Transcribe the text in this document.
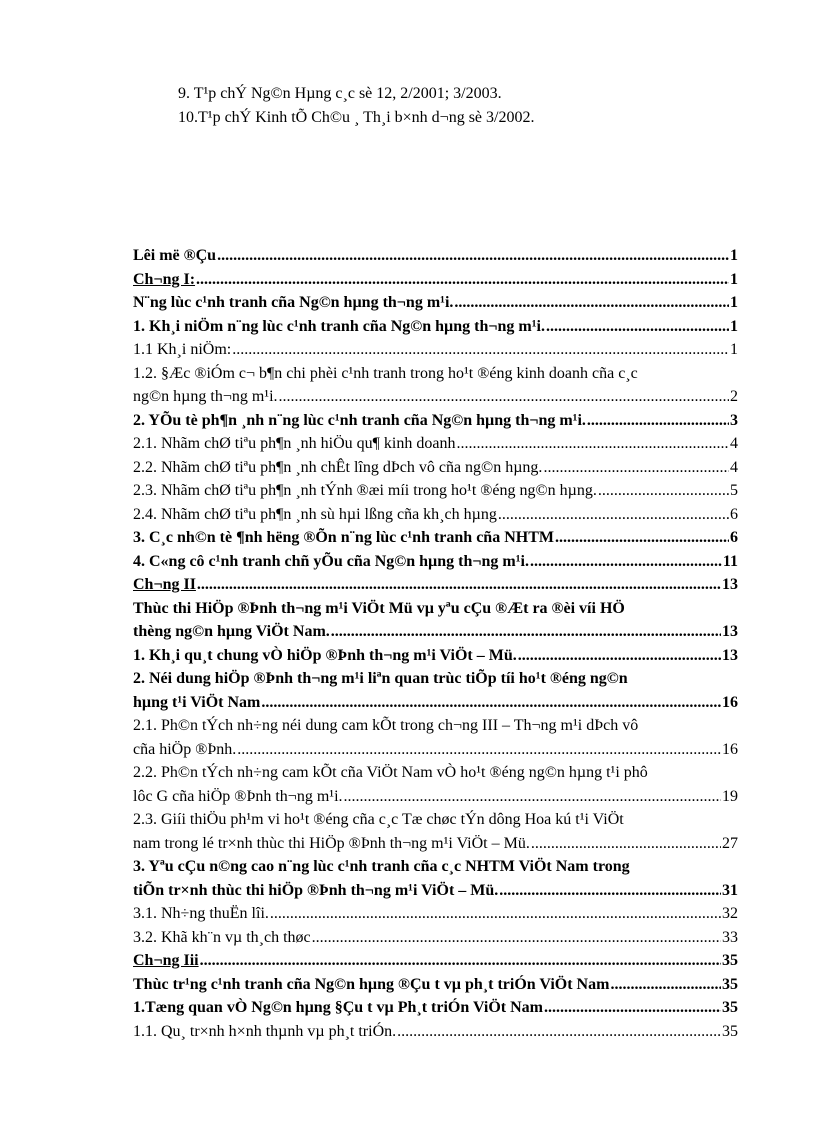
9. T¹p chÝ Ng©n Hµng c¸c sè 12, 2/2001; 3/2003.
10.T¹p chÝ Kinh tÕ Ch©u ¸ Th¸i b×nh d¬ng sè 3/2002.
Lêi më ®Çu .....	1
Ch¬ng I: .....	1
N¨ng lùc c¹nh tranh cña Ng©n hµng th¬ng m¹i. .....	1
1. Kh¸i niÖm n¨ng lùc c¹nh tranh cña Ng©n hµng th¬ng m¹i. .....	1
1.1 Kh¸i niÖm: .....	1
1.2. §Æc ®iÓm c¬ b¶n chi phèi c¹nh tranh trong ho¹t ®éng kinh doanh cña c¸c
ng©n hµng th¬ng m¹i. .....	2
2. YÕu tè ph¶n ¸nh n¨ng lùc c¹nh tranh cña Ng©n hµng th¬ng m¹i. .....	3
2.1. Nhãm chØ tiªu ph¶n ¸nh hiÖu qu¶ kinh doanh .....	4
2.2. Nhãm chØ tiªu ph¶n ¸nh chÊt lîng dÞch vô cña ng©n hµng. .....	4
2.3. Nhãm chØ tiªu ph¶n ¸nh tÝnh ®æi míi trong ho¹t ®éng ng©n hµng. .....	5
2.4. Nhãm chØ tiªu ph¶n ¸nh sù hµi lßng cña kh¸ch hµng .....	6
3. C¸c nh©n tè ¶nh hëng ®Õn n¨ng lùc c¹nh tranh cña NHTM .....	6
4. C«ng cô c¹nh tranh chñ yÕu cña Ng©n hµng th¬ng m¹i. .....	11
Ch¬ng II .....	13
Thùc thi HiÖp ®Þnh th¬ng m¹i ViÖt Mü vµ yªu cÇu ®Æt ra ®èi víi HÖ
thèng ng©n hµng ViÖt Nam. .....	13
1. Kh¸i qu¸t chung vÒ hiÖp ®Þnh th¬ng m¹i ViÖt – Mü. .....	13
2. Néi dung hiÖp ®Þnh th¬ng m¹i liªn quan trùc tiÕp tíi ho¹t ®éng ng©n
hµng t¹i ViÖt Nam .....	16
2.1. Ph©n tÝch nh÷ng néi dung cam kÕt trong ch¬ng III – Th¬ng m¹i dÞch vô
cña hiÖp ®Þnh. .....	16
2.2. Ph©n tÝch nh÷ng cam kÕt cña ViÖt Nam vÒ ho¹t ®éng ng©n hµng t¹i phô
lôc G cña hiÖp ®Þnh th¬ng m¹i. .....	19
2.3. Giíi thiÖu ph¹m vi ho¹t ®éng cña c¸c Tæ chøc tÝn dông Hoa kú t¹i ViÖt
nam trong lé tr×nh thùc thi HiÖp ®Þnh th¬ng m¹i ViÖt – Mü. .....	27
3. Yªu cÇu n©ng cao n¨ng lùc c¹nh tranh cña c¸c NHTM ViÖt Nam trong
tiÕn tr×nh thùc thi hiÖp ®Þnh th¬ng m¹i ViÖt – Mü. .....	31
3.1. Nh÷ng thuËn lîi. .....	32
3.2. Khã kh¨n vµ th¸ch thøc .....	33
Ch¬ng Iii .....	35
Thùc tr¹ng c¹nh tranh cña Ng©n hµng ®Çu t vµ ph¸t triÓn ViÖt Nam .....	35
1.Tæng quan vÒ Ng©n hµng §Çu t vµ Ph¸t triÓn ViÖt Nam .....	35
1.1. Qu¸ tr×nh h×nh thµnh vµ ph¸t triÓn. .....	35
